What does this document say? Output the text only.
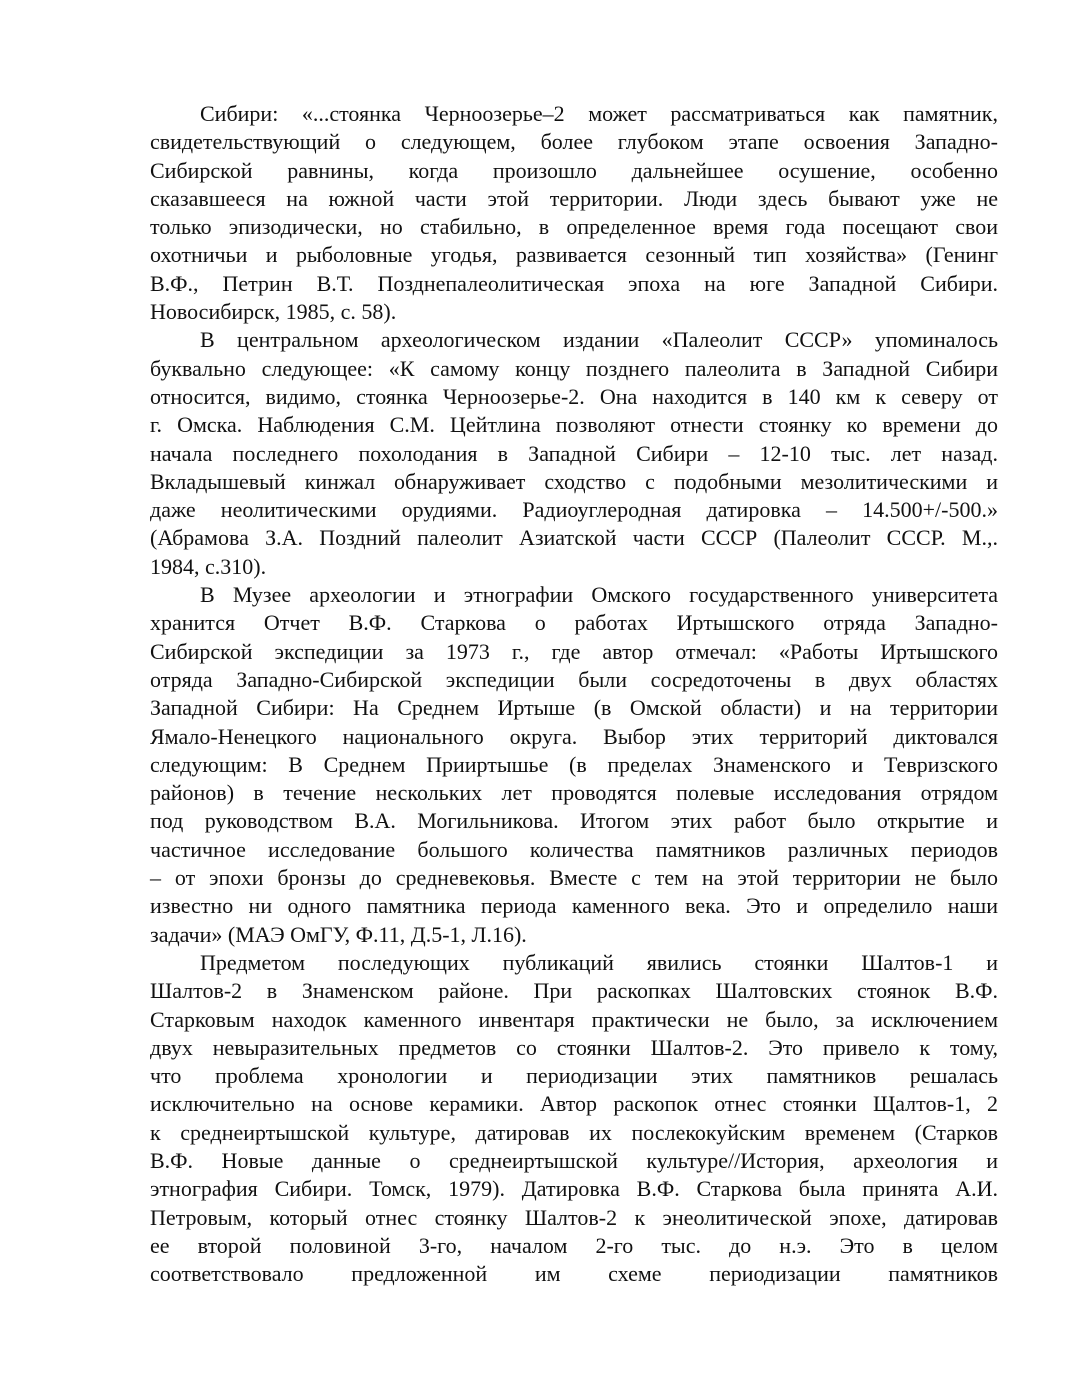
Сибири: «...стоянка Черноозерье–2 может рассматриваться как памятник,
свидетельствующий о следующем, более глубоком этапе освоения Западно-
Сибирской равнины, когда произошло дальнейшее осушение, особенно
сказавшееся на южной части этой территории. Люди здесь бывают уже не
только эпизодически, но стабильно, в определенное время года посещают свои
охотничьи и рыболовные угодья, развивается сезонный тип хозяйства» (Генинг
В.Ф., Петрин В.Т. Позднепалеолитическая эпоха на юге Западной Сибири.
Новосибирск, 1985, с. 58).
В центральном археологическом издании «Палеолит СССР» упоминалось
буквально следующее: «К самому концу позднего палеолита в Западной Сибири
относится, видимо, стоянка Черноозерье-2. Она находится в 140 км к северу от
г. Омска. Наблюдения С.М. Цейтлина позволяют отнести стоянку ко времени до
начала последнего похолодания в Западной Сибири – 12-10 тыс. лет назад.
Вкладышевый кинжал обнаруживает сходство с подобными мезолитическими и
даже неолитическими орудиями. Радиоуглеродная датировка – 14.500+/-500.»
(Абрамова З.А. Поздний палеолит Азиатской части СССР (Палеолит СССР. М.,.
1984, с.310).
В Музее археологии и этнографии Омского государственного университета
хранится Отчет В.Ф. Старкова о работах Иртышского отряда Западно-
Сибирской экспедиции за 1973 г., где автор отмечал: «Работы Иртышского
отряда Западно-Сибирской экспедиции были сосредоточены в двух областях
Западной Сибири: На Среднем Иртыше (в Омской области) и на территории
Ямало-Ненецкого национального округа. Выбор этих территорий диктовался
следующим: В Среднем Прииртышье (в пределах Знаменского и Тевризского
районов) в течение нескольких лет проводятся полевые исследования отрядом
под руководством В.А. Могильникова. Итогом этих работ было открытие и
частичное исследование большого количества памятников различных периодов
– от эпохи бронзы до средневековья. Вместе с тем на этой территории не было
известно ни одного памятника периода каменного века. Это и определило наши
задачи» (МАЭ ОмГУ, Ф.11, Д.5-1, Л.16).
Предметом последующих публикаций явились стоянки Шалтов-1 и
Шалтов-2 в Знаменском районе. При раскопках Шалтовских стоянок В.Ф.
Старковым находок каменного инвентаря практически не было, за исключением
двух невыразительных предметов со стоянки Шалтов-2. Это привело к тому,
что проблема хронологии и периодизации этих памятников решалась
исключительно на основе керамики. Автор раскопок отнес стоянки Щалтов-1, 2
к среднеиртышской культуре, датировав их послекокуйским временем (Старков
В.Ф. Новые данные о среднеиртышской культуре//История, археология и
этнография Сибири. Томск, 1979). Датировка В.Ф. Старкова была принята А.И.
Петровым, который отнес стоянку Шалтов-2 к энеолитической эпохе, датировав
ее второй половиной 3-го, началом 2-го тыс. до н.э. Это в целом
соответствовало предложенной им схеме периодизации памятников
